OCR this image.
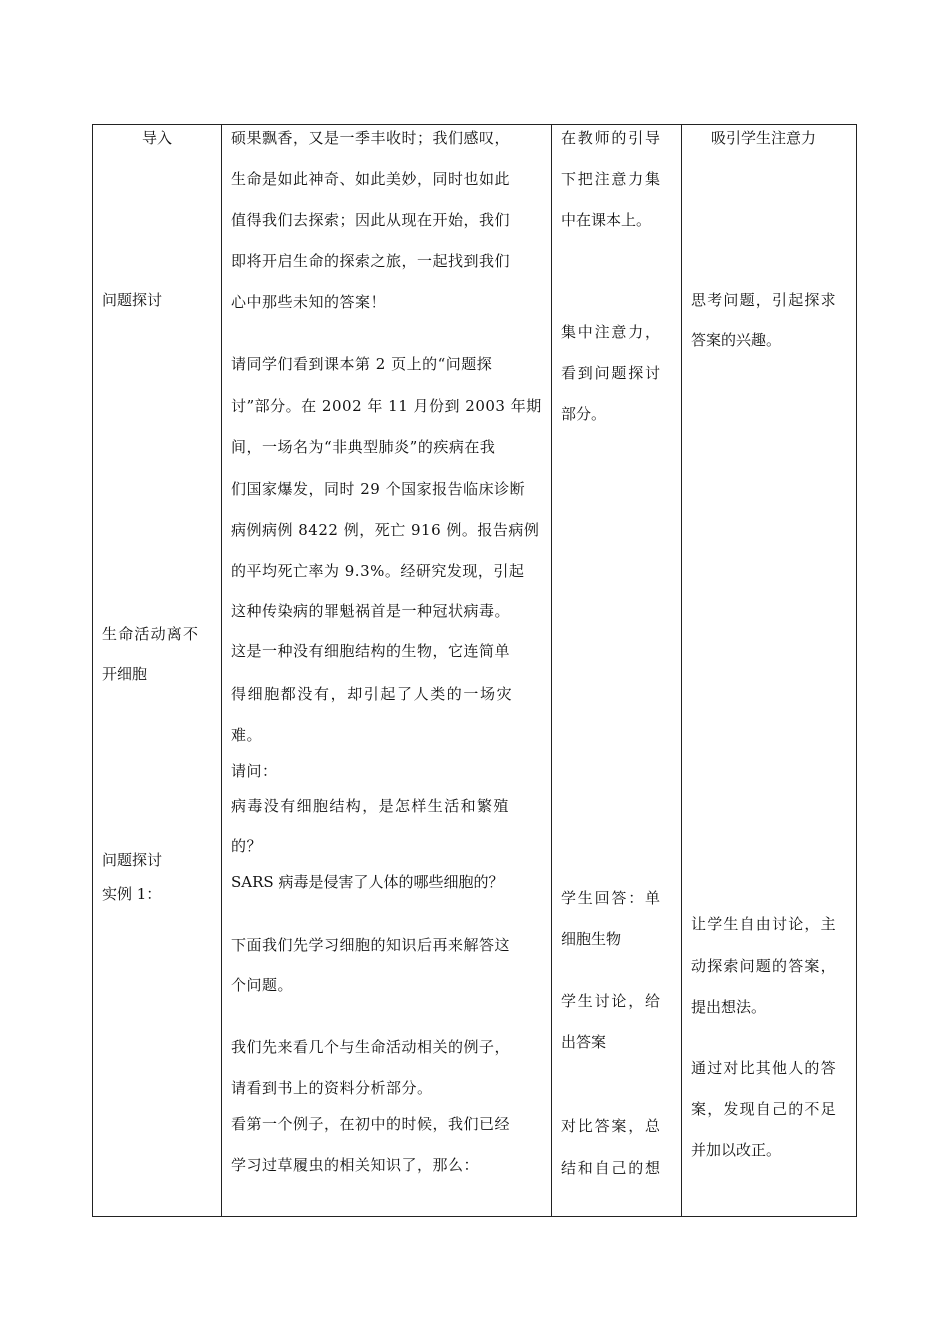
导入
问题探讨
生命活动离不
开细胞
问题探讨
实例 1：
硕果飘香，又是一季丰收时；我们感叹，
生命是如此神奇、如此美妙，同时也如此
值得我们去探索；因此从现在开始，我们
即将开启生命的探索之旅，一起找到我们
心中那些未知的答案！
请同学们看到课本第 2 页上的“问题探
讨”部分。在 2002 年 11 月份到 2003 年期
间，一场名为“非典型肺炎”的疾病在我
们国家爆发，同时 29 个国家报告临床诊断
病例病例 8422 例，死亡 916 例。报告病例
的平均死亡率为 9.3%。经研究发现，引起
这种传染病的罪魁祸首是一种冠状病毒。
这是一种没有细胞结构的生物，它连简单
得细胞都没有，却引起了人类的一场灾
难。
请问：
病毒没有细胞结构，是怎样生活和繁殖
的？
SARS 病毒是侵害了人体的哪些细胞的？
下面我们先学习细胞的知识后再来解答这
个问题。
我们先来看几个与生命活动相关的例子，
请看到书上的资料分析部分。
看第一个例子，在初中的时候，我们已经
学习过草履虫的相关知识了，那么：
在教师的引导
下把注意力集
中在课本上。
集中注意力，
看到问题探讨
部分。
学生回答：单
细胞生物
学生讨论，给
出答案
对比答案，总
结和自己的想
吸引学生注意力
思考问题，引起探求
答案的兴趣。
让学生自由讨论，主
动探索问题的答案，
提出想法。
通过对比其他人的答
案，发现自己的不足
并加以改正。
